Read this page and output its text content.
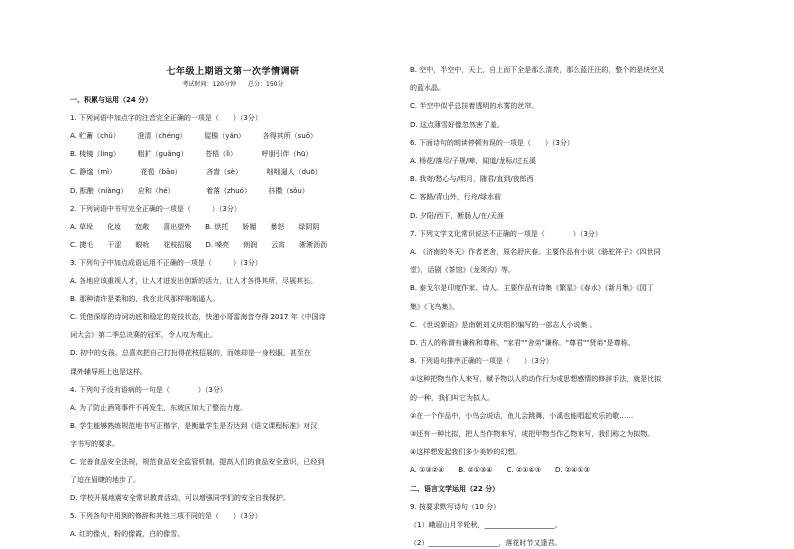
七年级上期语文第一次学情调研
考试时间：120分钟　　总分：150分
一、积累与运用（24 分）
1. 下列词语中加点字的注音完全正确的一项是（　　）（3分）
A. 贮蓄（chǔ）　　　澄清（chéng）　　　屋檐（yán）　　　各得其所（suǒ）
B. 棱镜（líng）　　　粗犷（guǎng）　　　苍梧（lì）　　　　呼朋引伴（hū）
C. 静谧（mì）　　　　花苞（bāo）　　　　吝啬（sè）　　　　咄咄逼人（duō）
D. 酝酿（niàng）　　应和（hé）　　　　　着落（zhuó）　　　抖擞（sǒu）
2. 下列词语中书写完全正确的一项是（　　　）（3分）
A. 草垛　　化妆　　宽敞　　喜出望外　　B. 烘托　　娇媚　　暴怒　　绿阴阴
C. 捷毛　　干涩　　眼吮　　花枝招展　　D. 嗓亮　　朗润　　云宵　　淅淅沥沥
3. 下列句子中加点成语运用不正确的一项是（　　　）（3分）
A. 各地应该重视人才，让人才进发出创新的活力，让人才各得其所，尽展其长。
B. 那种请许是柔和的，我在北风那样咄咄逼人。
C. 凭借深厚的诗词功底和稳定的竞技状态，快递小哥雷海音夺得 2017 年《中国诗
词大会》第二季总决赛的冠军，令人叹为观止。
D. 初中的女孩，总喜欢把自己打扮得花枝招展的，而她却是一身校服，甚至在
课外辅导班上也是这样。
4. 下列句子没有语病的一句是（　　　　）（3分）
A. 为了防止酒驾事件不再发生，东坡区加大了整治力度。
B. 学生能够熟练规范地书写正楷字，是衡量学生是否达到《语文课程标准》对汉
字书写的要求。
C. 完善食品安全法规，规范食品安全监管机制，提高人们的食品安全意识，已经到
了迫在眉睫的地步了。
D. 学校开展地震安全常识教育活动，可以增强同学们的安全自我保护。
5. 下列各句中用到的修辞和其他三项不同的是（　　）（3分）
A. 红的像火，粉的像霞，白的像雪。
B. 空中，半空中，天上，自上而下全是那么清亮，那么蓝汪汪的，整个的是块空灵
的蓝水晶。
C. 半空中似乎总挂着透明的水雾的丝帘。
D. 这点薄雪好像忽然害了羞。
6. 下面诗句的朗读停顿有误的一项是（　　）（3分）
A. 杨花/落尽/子规/啼，闻道/龙标/过五溪
B. 我寄/愁心与/明月，随君/直到/夜郎西
C. 客路/青山外，行舟/绿水前
D. 夕阳/西下，断肠人/在/天涯
7. 下列文学文化常识说法不正确的一项是（　　　　）（3分）
A. 《济南的冬天》作者老舍，原名舒庆春。主要作品有小说《骆驼祥子》《四世同
堂》，话剧《茶馆》《龙须沟》等。
B. 泰戈尔是印度作家、诗人。主要作品有诗集《繁星》《春水》《新月集》《园丁
集》《飞鸟集》。
C. 《世说新语》是南朝刘义庆组织编写的一部志人小说集 。
D. 古人的称谓有谦称和尊称，"家君""舍弟"谦称，"尊君""贤弟"是尊称。
8. 下列语句排序正确的一项是（　　）（3分）
①这种把物当作人来写，赋予物以人的动作行为或思想感情的修辞手法，就是比拟
的一种，我们叫它为拟人。
②在一个作品中，小鸟会说话，鱼儿会跳舞，小溪也能唱起欢乐的歌……
③还有一种比拟，把人当作物来写，或把甲物当作乙物来写，我们称之为拟物。
④这样想发起我们多少美妙的幻想。
A. ①③②④　　B. ②①③④　　C. ②①④③　　D. ②④①③
二、语言文学运用（22 分）
9. 按要求默写诗句（10 分）
（1）峨眉山月半轮秋，____________________。
（2）____________________，落花时节又逢君。
